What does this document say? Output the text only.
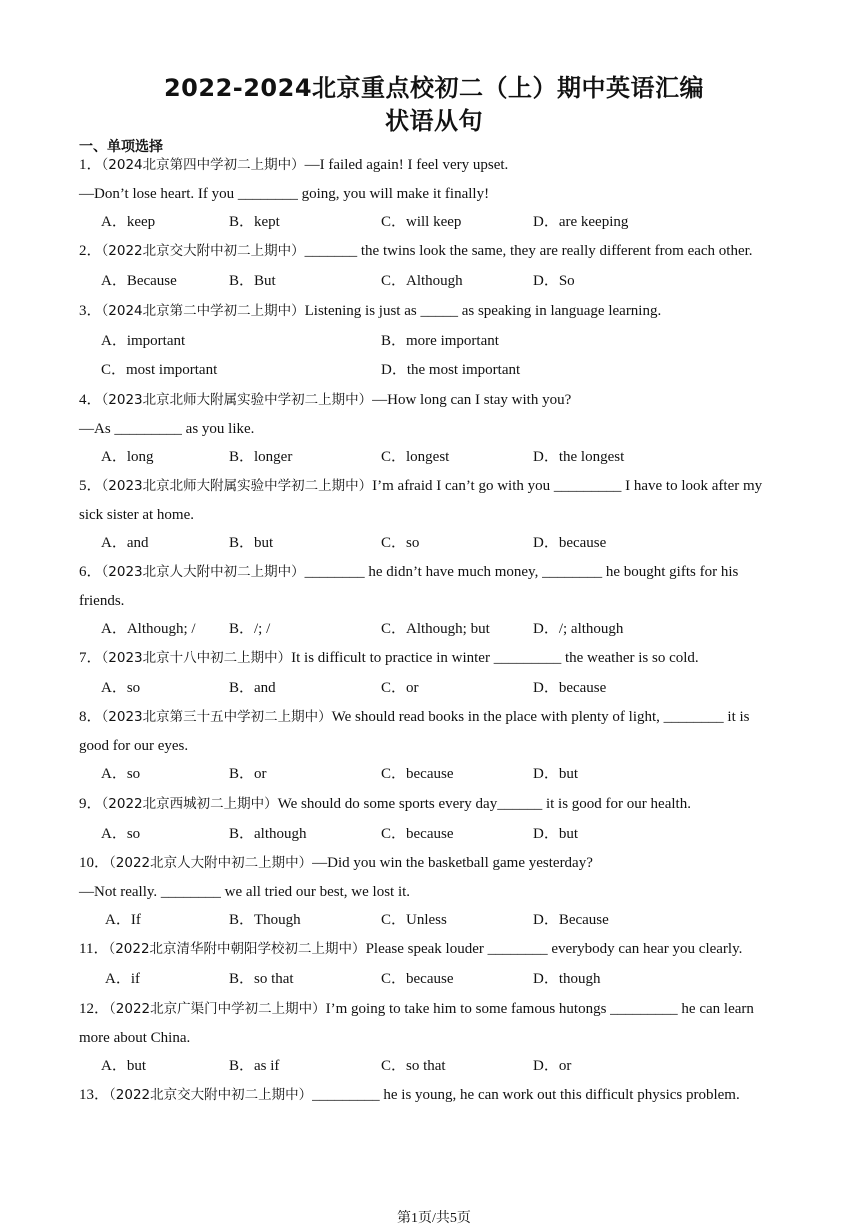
2022-2024北京重点校初二（上）期中英语汇编
状语从句
一、单项选择
1．（2024北京第四中学初二上期中）—I failed again! I feel very upset.
—Don’t lose heart. If you ________ going, you will make it finally!
A．keep	B．kept	C．will keep	D．are keeping
2．（2022北京交大附中初二上期中）_______ the twins look the same, they are really different from each other.
A．Because	B．But	C．Although	D．So
3．（2024北京第二中学初二上期中）Listening is just as _____ as speaking in language learning.
A．important	B．more important
C．most important	D．the most important
4．（2023北京北师大附属实验中学初二上期中）—How long can I stay with you?
—As _________ as you like.
A．long	B．longer	C．longest	D．the longest
5．（2023北京北师大附属实验中学初二上期中）I’m afraid I can’t go with you _________ I have to look after my
sick sister at home.
A．and	B．but	C．so	D．because
6．（2023北京人大附中初二上期中）________ he didn’t have much money, ________ he bought gifts for his
friends.
A．Although; / B．/; /	C．Although; but	D．/; although
7．（2023北京十八中初二上期中）It is difficult to practice in winter _________ the weather is so cold.
A．so	B．and	C．or	D．because
8．（2023北京第三十五中学初二上期中）We should read books in the place with plenty of light, ________ it is
good for our eyes.
A．so	B．or	C．because	D．but
9．（2022北京西城初二上期中）We should do some sports every day______ it is good for our health.
A．so	B．although	C．because	D．but
10．（2022北京人大附中初二上期中）—Did you win the basketball game yesterday?
—Not really. ________ we all tried our best, we lost it.
A．If	B．Though	C．Unless	D．Because
11．（2022北京清华附中朝阳学校初二上期中）Please speak louder ________ everybody can hear you clearly.
A．if	B．so that	C．because	D．though
12．（2022北京广渠门中学初二上期中）I’m going to take him to some famous hutongs _________ he can learn
more about China.
A．but	B．as if	C．so that	D．or
13．（2022北京交大附中初二上期中）_________ he is young, he can work out this difficult physics problem.
第1页/共5页
